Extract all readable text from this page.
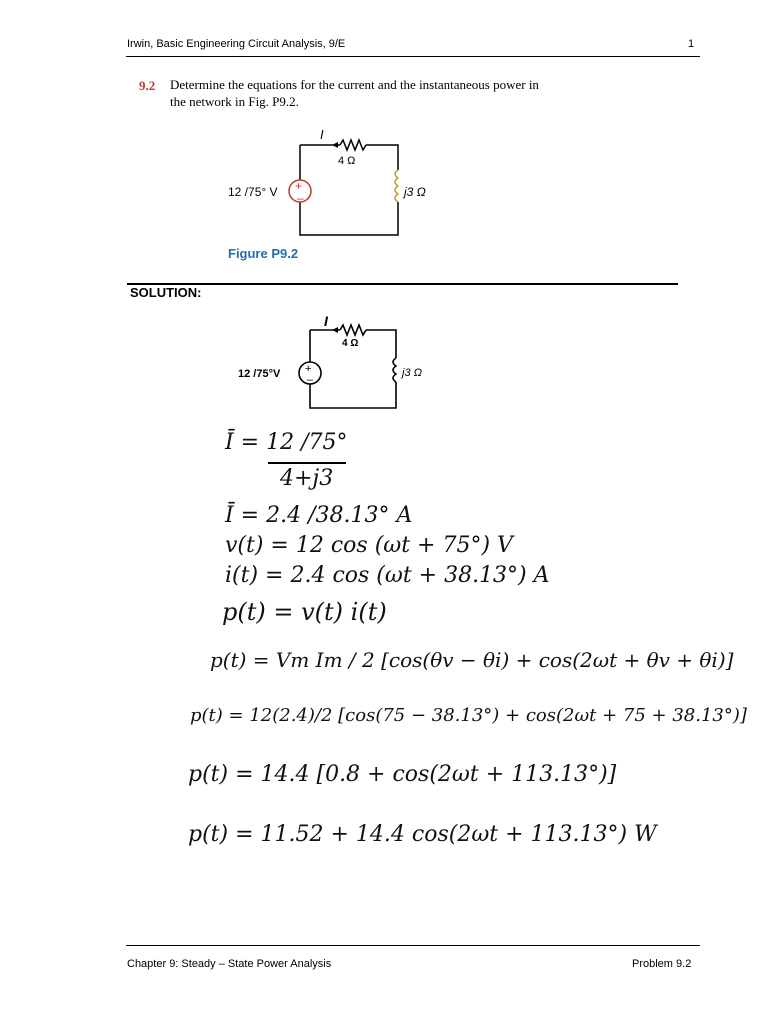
Irwin, Basic Engineering Circuit Analysis, 9/E	1
9.2 Determine the equations for the current and the instantaneous power in the network in Fig. P9.2.
+
–
I
4 Ω
12 /75° V	j3 Ω
Figure P9.2
SOLUTION:
+
–
I
4 Ω
12 /75°V	j3 Ω
Ī = 12 /75°
4+j3
Ī = 2.4 /38.13° A
v(t) = 12 cos (ωt + 75°) V
i(t) = 2.4 cos (ωt + 38.13°) A
p(t) = v(t) i(t)
p(t) = Vm Im / 2 [cos(θv − θi) + cos(2ωt + θv + θi)]
p(t) = 12(2.4)/2 [cos(75 − 38.13°) + cos(2ωt + 75 + 38.13°)]
p(t) = 14.4 [0.8 + cos(2ωt + 113.13°)]
p(t) = 11.52 + 14.4 cos(2ωt + 113.13°) W
Chapter 9: Steady – State Power Analysis	Problem 9.2
